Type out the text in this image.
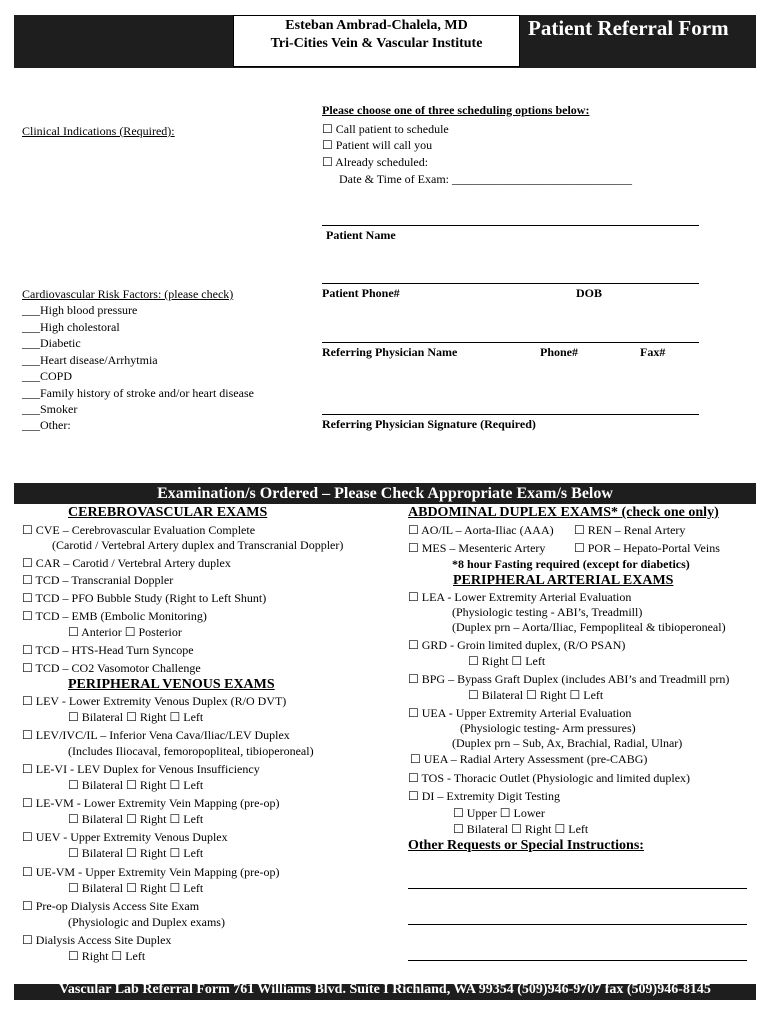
Esteban Ambrad-Chalela, MD
Tri-Cities Vein & Vascular Institute
Patient Referral Form
Clinical Indications (Required):
Please choose one of three scheduling options below:
☐ Call patient to schedule
☐ Patient will call you
☐ Already scheduled:
Date & Time of Exam: ______________________________
Patient Name
Patient Phone#	DOB
Referring Physician Name	Phone#	Fax#
Referring Physician Signature (Required)
Cardiovascular Risk Factors: (please check)
___High blood pressure
___High cholestoral
___Diabetic
___Heart disease/Arrhytmia
___COPD
___Family history of stroke and/or heart disease
___Smoker
___Other:
Examination/s Ordered – Please Check Appropriate Exam/s Below
CEREBROVASCULAR EXAMS
☐ CVE – Cerebrovascular Evaluation Complete
(Carotid / Vertebral Artery duplex and Transcranial Doppler)
☐ CAR – Carotid / Vertebral Artery duplex
☐ TCD – Transcranial Doppler
☐ TCD – PFO Bubble Study (Right to Left Shunt)
☐ TCD – EMB (Embolic Monitoring)
☐ Anterior ☐ Posterior
☐ TCD – HTS-Head Turn Syncope
☐ TCD – CO2 Vasomotor Challenge
PERIPHERAL VENOUS EXAMS
☐ LEV - Lower Extremity Venous Duplex (R/O DVT)
☐ Bilateral ☐ Right ☐ Left
☐ LEV/IVC/IL – Inferior Vena Cava/Iliac/LEV Duplex
(Includes Iliocaval, femoropopliteal, tibioperoneal)
☐ LE-VI - LEV Duplex for Venous Insufficiency
☐ Bilateral ☐ Right ☐ Left
☐ LE-VM - Lower Extremity Vein Mapping (pre-op)
☐ Bilateral ☐ Right ☐ Left
☐ UEV - Upper Extremity Venous Duplex
☐ Bilateral ☐ Right ☐ Left
☐ UE-VM - Upper Extremity Vein Mapping (pre-op)
☐ Bilateral ☐ Right ☐ Left
☐ Pre-op Dialysis Access Site Exam
(Physiologic and Duplex exams)
☐ Dialysis Access Site Duplex
☐ Right ☐ Left
ABDOMINAL DUPLEX EXAMS* (check one only)
☐ AO/IL – Aorta-Iliac (AAA) ☐ REN – Renal Artery
☐ MES – Mesenteric Artery ☐ POR – Hepato-Portal Veins
*8 hour Fasting required (except for diabetics)
PERIPHERAL ARTERIAL EXAMS
☐ LEA - Lower Extremity Arterial Evaluation
(Physiologic testing - ABI’s, Treadmill)
(Duplex prn – Aorta/Iliac, Fempopliteal & tibioperoneal)
☐ GRD - Groin limited duplex, (R/O PSAN)
☐ Right ☐ Left
☐ BPG – Bypass Graft Duplex (includes ABI’s and Treadmill prn)
☐ Bilateral ☐ Right ☐ Left
☐ UEA - Upper Extremity Arterial Evaluation
(Physiologic testing- Arm pressures)
(Duplex prn – Sub, Ax, Brachial, Radial, Ulnar)
☐ UEA – Radial Artery Assessment (pre-CABG)
☐ TOS - Thoracic Outlet (Physiologic and limited duplex)
☐ DI – Extremity Digit Testing
☐ Upper ☐ Lower
☐ Bilateral ☐ Right ☐ Left
Other Requests or Special Instructions:
Vascular Lab Referral Form 761 Williams Blvd. Suite I Richland, WA 99354 (509)946-9707 fax (509)946-8145
